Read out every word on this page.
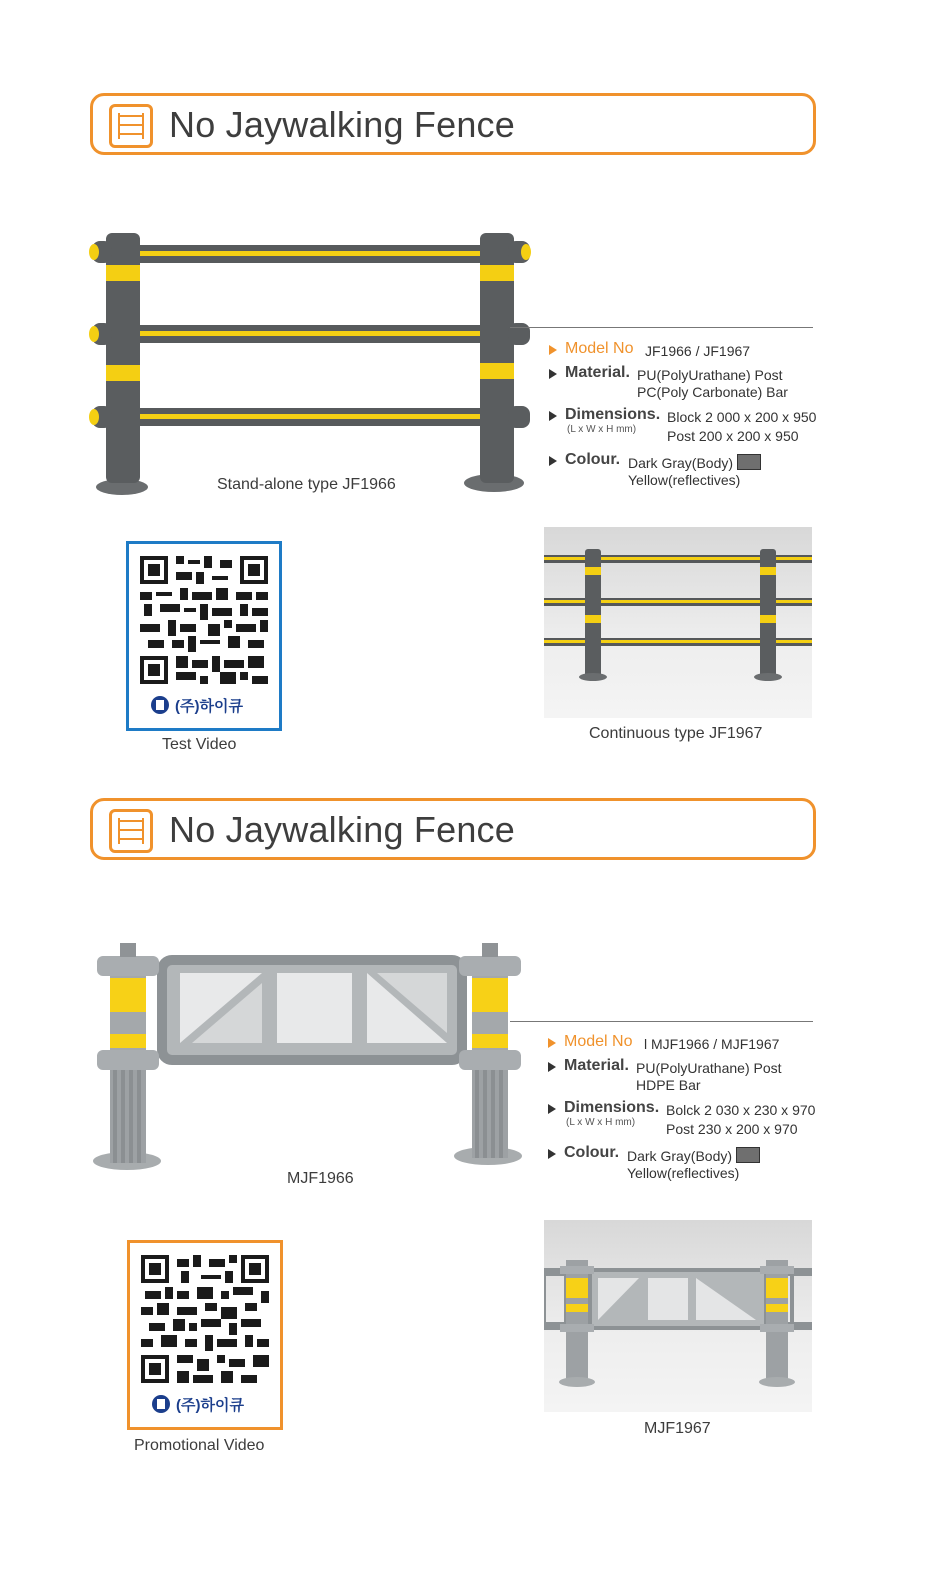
No Jaywalking Fence
Stand-alone type JF1966
Model No JF1966 / JF1967
Material. PU(PolyUrathane) Post
PC(Poly Carbonate) Bar
Dimensions.
(L x W x H mm)
Block 2 000 x 200 x 950
Post 200 x 200 x 950
Colour. Dark Gray(Body)
Yellow(reflectives)
(주)하이큐
Test Video
Continuous type JF1967
No Jaywalking Fence
MJF1966
Model No l MJF1966 / MJF1967
Material. PU(PolyUrathane) Post
HDPE Bar
Dimensions.
(L x W x H mm)
Bolck 2 030 x 230 x 970
Post 230 x 200 x 970
Colour. Dark Gray(Body)
Yellow(reflectives)
(주)하이큐
Promotional Video
MJF1967
